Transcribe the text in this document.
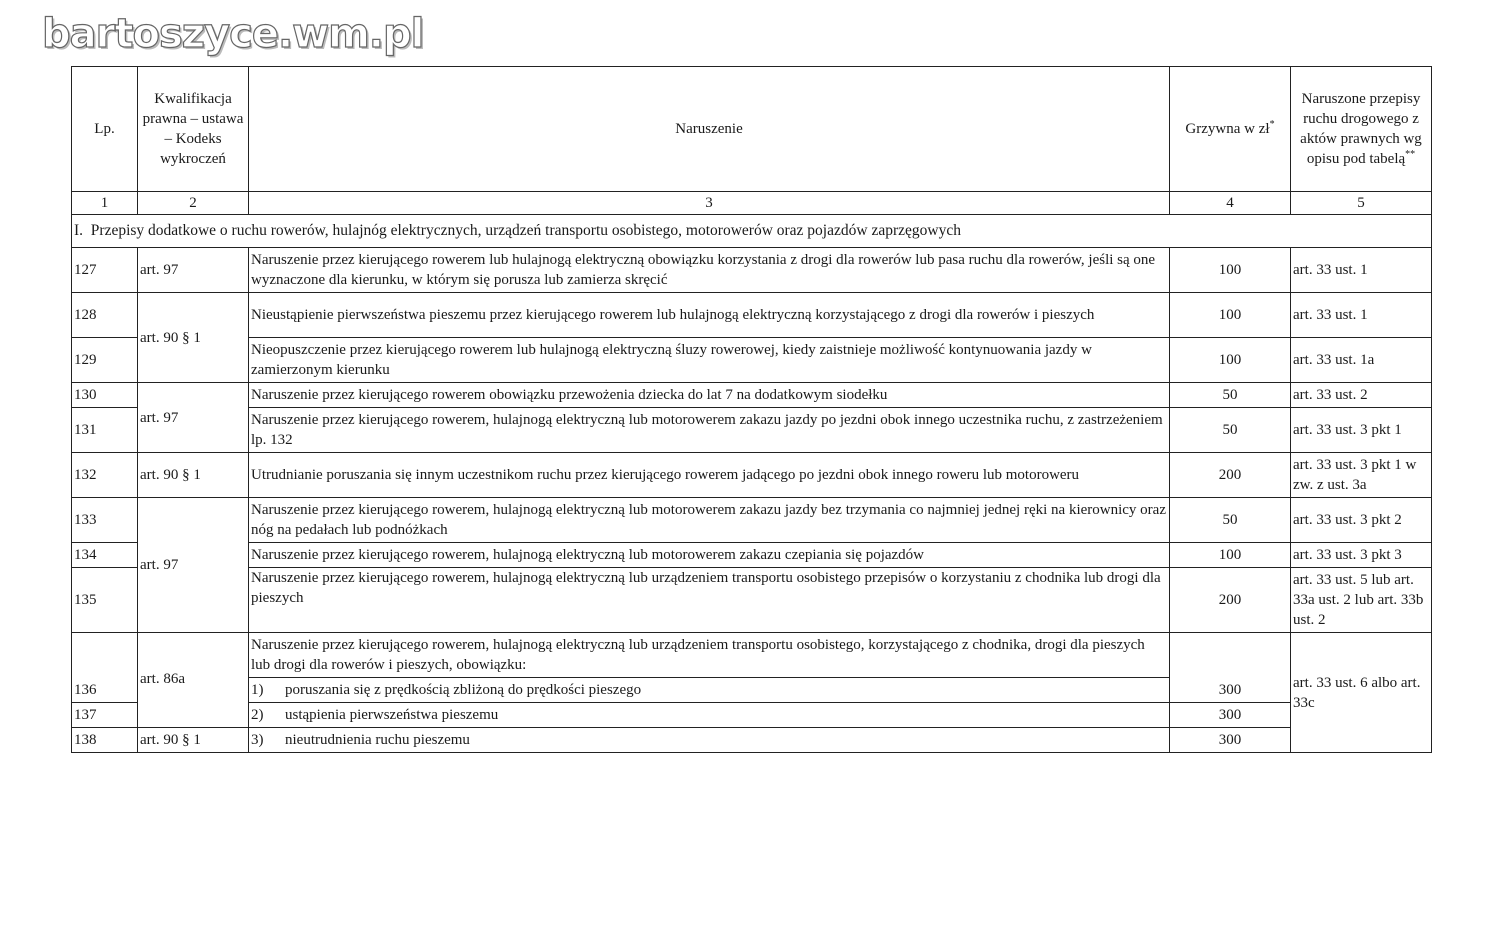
bartoszyce.wm.pl
Lp.	Kwalifikacja prawna – ustawa – Kodeks wykroczeń	Naruszenie	Grzywna w zł*	Naruszone przepisy ruchu drogowego z aktów prawnych wg opisu pod tabelą**
1	2	3	4	5
I. Przepisy dodatkowe o ruchu rowerów, hulajnóg elektrycznych, urządzeń transportu osobistego, motorowerów oraz pojazdów zaprzęgowych				
127	art. 97	Naruszenie przez kierującego rowerem lub hulajnogą elektryczną obowiązku korzystania z drogi dla rowerów lub pasa ruchu dla rowerów, jeśli są one wyznaczone dla kierunku, w którym się porusza lub zamierza skręcić	100	art. 33 ust. 1
128	art. 90 § 1	Nieustąpienie pierwszeństwa pieszemu przez kierującego rowerem lub hulajnogą elektryczną korzystającego z drogi dla rowerów i pieszych	100	art. 33 ust. 1
129		Nieopuszczenie przez kierującego rowerem lub hulajnogą elektryczną śluzy rowerowej, kiedy zaistnieje możliwość kontynuowania jazdy w zamierzonym kierunku	100	art. 33 ust. 1a
130	art. 97	Naruszenie przez kierującego rowerem obowiązku przewożenia dziecka do lat 7 na dodatkowym siodełku	50	art. 33 ust. 2
131		Naruszenie przez kierującego rowerem, hulajnogą elektryczną lub motorowerem zakazu jazdy po jezdni obok innego uczestnika ruchu, z zastrzeżeniem lp. 132	50	art. 33 ust. 3 pkt 1
132	art. 90 § 1	Utrudnianie poruszania się innym uczestnikom ruchu przez kierującego rowerem jadącego po jezdni obok innego roweru lub motoroweru	200	art. 33 ust. 3 pkt 1 w zw. z ust. 3a
133	art. 97	Naruszenie przez kierującego rowerem, hulajnogą elektryczną lub motorowerem zakazu jazdy bez trzymania co najmniej jednej ręki na kierownicy oraz nóg na pedałach lub podnóżkach	50	art. 33 ust. 3 pkt 2
134		Naruszenie przez kierującego rowerem, hulajnogą elektryczną lub motorowerem zakazu czepiania się pojazdów	100	art. 33 ust. 3 pkt 3
135		Naruszenie przez kierującego rowerem, hulajnogą elektryczną lub urządzeniem transportu osobistego przepisów o korzystaniu z chodnika lub drogi dla pieszych	200	art. 33 ust. 5 lub art. 33a ust. 2 lub art. 33b ust. 2
136	art. 86a	Naruszenie przez kierującego rowerem, hulajnogą elektryczną lub urządzeniem transportu osobistego, korzystającego z chodnika, drogi dla pieszych lub drogi dla rowerów i pieszych, obowiązku:	300	art. 33 ust. 6 albo art. 33c
		1) poruszania się z prędkością zbliżoną do prędkości pieszego		
137		2) ustąpienia pierwszeństwa pieszemu	300	
138	art. 90 § 1	3) nieutrudnienia ruchu pieszemu	300	
